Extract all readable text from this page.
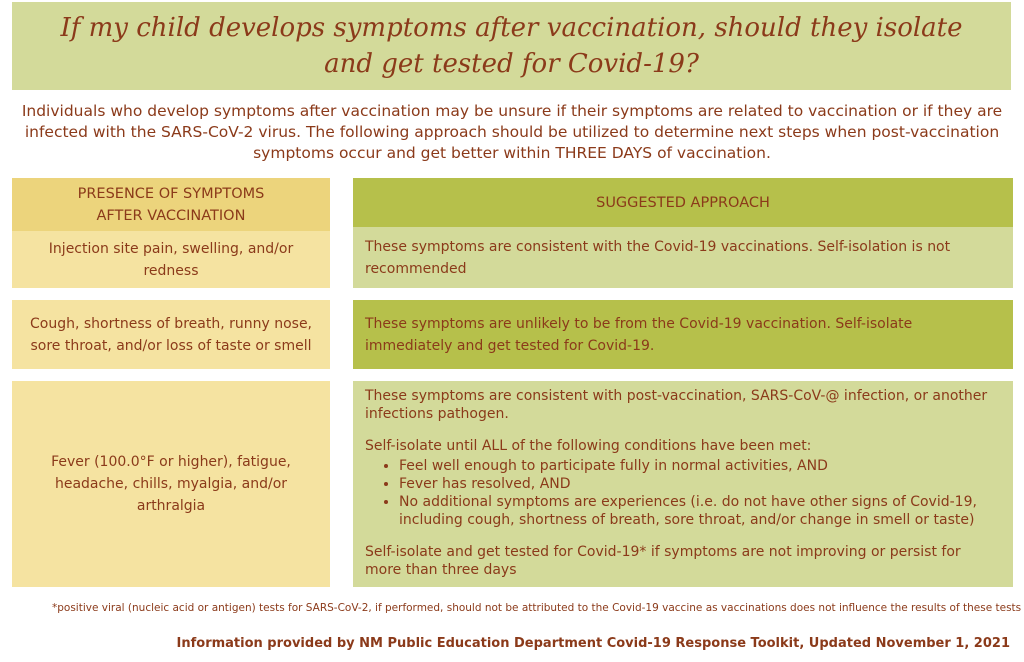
If my child develops symptoms after vaccination, should they isolate and get tested for Covid-19?
Individuals who develop symptoms after vaccination may be unsure if their symptoms are related to vaccination or if they are infected with the SARS-CoV-2 virus. The following approach should be utilized to determine next steps when post-vaccination symptoms occur and get better within THREE DAYS of vaccination.
PRESENCE OF SYMPTOMS
AFTER VACCINATION
SUGGESTED APPROACH
Injection site pain, swelling, and/or redness
These symptoms are consistent with the Covid-19 vaccinations. Self-isolation is not recommended
Cough, shortness of breath, runny nose, sore throat, and/or loss of taste or smell
These symptoms are unlikely to be from the Covid-19 vaccination. Self-isolate immediately and get tested for Covid-19.
Fever (100.0°F or higher), fatigue, headache, chills, myalgia, and/or arthralgia

These symptoms are consistent with post-vaccination, SARS-CoV-@ infection, or another infections pathogen.

Self-isolate until ALL of the following conditions have been met:

• Feel well enough to participate fully in normal activities, AND
• Fever has resolved, AND
• No additional symptoms are experiences (i.e. do not have other signs of Covid-19, including cough, shortness of breath, sore throat, and/or change in smell or taste)

Self-isolate and get tested for Covid-19* if symptoms are not improving or persist for more than three days

*positive viral (nucleic acid or antigen) tests for SARS-CoV-2, if performed, should not be attributed to the Covid-19 vaccine as vaccinations does not influence the results of these tests
Information provided by NM Public Education Department Covid-19 Response Toolkit, Updated November 1, 2021
